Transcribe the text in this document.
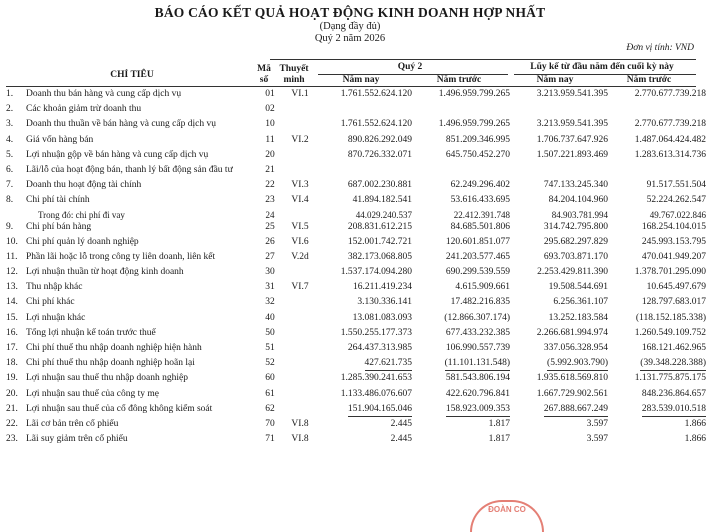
BÁO CÁO KẾT QUẢ HOẠT ĐỘNG KINH DOANH HỢP NHẤT
(Dạng đầy đủ)
Quý 2 năm 2026
Đơn vị tính: VND
CHỈ TIÊU
Mã số
Thuyết minh
Quý 2	Lũy kế từ đầu năm đến cuối kỳ này
Năm nay	Năm trước	Năm nay	Năm trước
1.	Doanh thu bán hàng và cung cấp dịch vụ	01	VI.1	1.761.552.624.120	1.496.959.799.265	3.213.959.541.395	2.770.677.739.218
2.	Các khoản giảm trừ doanh thu	02					
3.	Doanh thu thuần về bán hàng và cung cấp dịch vụ	10		1.761.552.624.120	1.496.959.799.265	3.213.959.541.395	2.770.677.739.218
4.	Giá vốn hàng bán	11	VI.2	890.826.292.049	851.209.346.995	1.706.737.647.926	1.487.064.424.482
5.	Lợi nhuận gộp về bán hàng và cung cấp dịch vụ	20		870.726.332.071	645.750.452.270	1.507.221.893.469	1.283.613.314.736
6.	Lãi/lỗ của hoạt động bán, thanh lý bất động sản đầu tư	21					
7.	Doanh thu hoạt động tài chính	22	VI.3	687.002.230.881	62.249.296.402	747.133.245.340	91.517.551.504
8.	Chi phí tài chính	23	VI.4	41.894.182.541	53.616.433.695	84.204.104.960	52.224.262.547
	Trong đó: chi phí đi vay	24		44.029.240.537	22.412.391.748	84.903.781.994	49.767.022.846
9.	Chi phí bán hàng	25	VI.5	208.831.612.215	84.685.501.806	314.742.795.800	168.254.104.015
10.	Chi phí quản lý doanh nghiệp	26	VI.6	152.001.742.721	120.601.851.077	295.682.297.829	245.993.153.795
11.	Phần lãi hoặc lỗ trong công ty liên doanh, liên kết	27	V.2d	382.173.068.805	241.203.577.465	693.703.871.170	470.041.949.207
12.	Lợi nhuận thuần từ hoạt động kinh doanh	30		1.537.174.094.280	690.299.539.559	2.253.429.811.390	1.378.701.295.090
13.	Thu nhập khác	31	VI.7	16.211.419.234	4.615.909.661	19.508.544.691	10.645.497.679
14.	Chi phí khác	32		3.130.336.141	17.482.216.835	6.256.361.107	128.797.683.017
15.	Lợi nhuận khác	40		13.081.083.093	(12.866.307.174)	13.252.183.584	(118.152.185.338)
16.	Tổng lợi nhuận kế toán trước thuế	50		1.550.255.177.373	677.433.232.385	2.266.681.994.974	1.260.549.109.752
17.	Chi phí thuế thu nhập doanh nghiệp hiện hành	51		264.437.313.985	106.990.557.739	337.056.328.954	168.121.462.965
18.	Chi phí thuế thu nhập doanh nghiệp hoãn lại	52		427.621.735	(11.101.131.548)	(5.992.903.790)	(39.348.228.388)
19.	Lợi nhuận sau thuế thu nhập doanh nghiệp	60		1.285.390.241.653	581.543.806.194	1.935.618.569.810	1.131.775.875.175
20.	Lợi nhuận sau thuế của công ty mẹ	61		1.133.486.076.607	422.620.796.841	1.667.729.902.561	848.236.864.657
21.	Lợi nhuận sau thuế của cổ đông không kiểm soát	62		151.904.165.046	158.923.009.353	267.888.667.249	283.539.010.518
22.	Lãi cơ bản trên cổ phiếu	70	VI.8	2.445	1.817	3.597	1.866
23.	Lãi suy giảm trên cổ phiếu	71	VI.8	2.445	1.817	3.597	1.866
ĐOÀN CO
